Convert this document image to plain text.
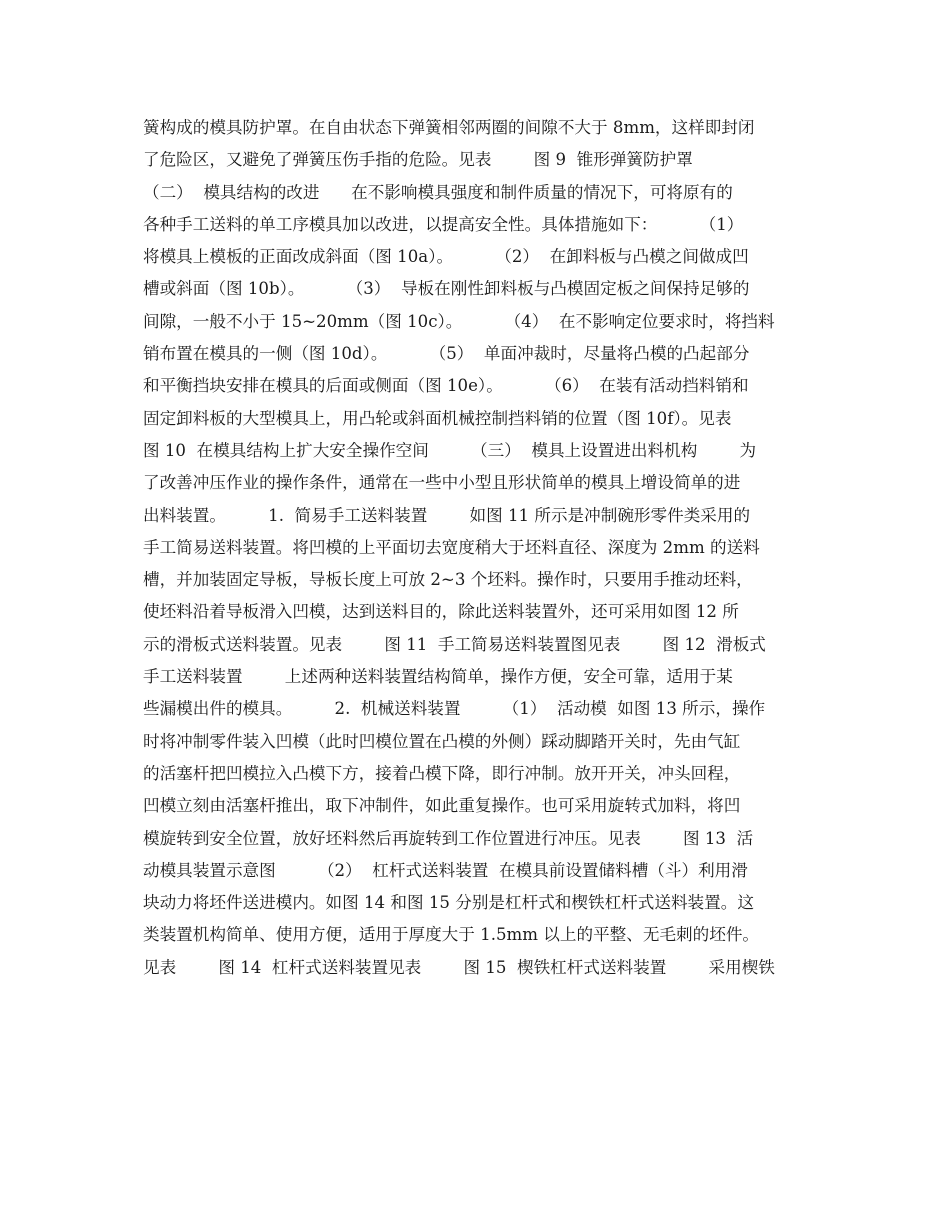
簧构成的模具防护罩。在自由状态下弹簧相邻两圈的间隙不大于 8mm，这样即封闭
了危险区，又避免了弹簧压伤手指的危险。见表        图 9  锥形弹簧防护罩
（二）  模具结构的改进      在不影响模具强度和制件质量的情况下，可将原有的
各种手工送料的单工序模具加以改进，以提高安全性。具体措施如下：        （1）
将模具上模板的正面改成斜面（图 10a）。        （2）  在卸料板与凸模之间做成凹
槽或斜面（图 10b）。        （3）  导板在刚性卸料板与凸模固定板之间保持足够的
间隙，一般不小于 15~20mm（图 10c）。        （4）  在不影响定位要求时，将挡料
销布置在模具的一侧（图 10d）。        （5）  单面冲裁时，尽量将凸模的凸起部分
和平衡挡块安排在模具的后面或侧面（图 10e）。        （6）  在装有活动挡料销和
固定卸料板的大型模具上，用凸轮或斜面机械控制挡料销的位置（图 10f）。见表
图 10  在模具结构上扩大安全操作空间        （三）  模具上设置进出料机构        为
了改善冲压作业的操作条件，通常在一些中小型且形状简单的模具上增设简单的进
出料装置。        1.  简易手工送料装置        如图 11 所示是冲制碗形零件类采用的
手工简易送料装置。将凹模的上平面切去宽度稍大于坯料直径、深度为 2mm 的送料
槽，并加装固定导板，导板长度上可放 2~3 个坯料。操作时，只要用手推动坯料，
使坯料沿着导板滑入凹模，达到送料目的，除此送料装置外，还可采用如图 12 所
示的滑板式送料装置。见表        图 11  手工简易送料装置图见表        图 12  滑板式
手工送料装置        上述两种送料装置结构简单，操作方便，安全可靠，适用于某
些漏模出件的模具。        2.  机械送料装置        （1）  活动模  如图 13 所示，操作
时将冲制零件装入凹模（此时凹模位置在凸模的外侧）踩动脚踏开关时，先由气缸
的活塞杆把凹模拉入凸模下方，接着凸模下降，即行冲制。放开开关，冲头回程，
凹模立刻由活塞杆推出，取下冲制件，如此重复操作。也可采用旋转式加料，将凹
模旋转到安全位置，放好坯料然后再旋转到工作位置进行冲压。见表        图 13  活
动模具装置示意图        （2）  杠杆式送料装置  在模具前设置储料槽（斗）利用滑
块动力将坯件送进模内。如图 14 和图 15 分别是杠杆式和楔铁杠杆式送料装置。这
类装置机构简单、使用方便，适用于厚度大于 1.5mm 以上的平整、无毛刺的坯件。
见表        图 14  杠杆式送料装置见表        图 15  楔铁杠杆式送料装置        采用楔铁
